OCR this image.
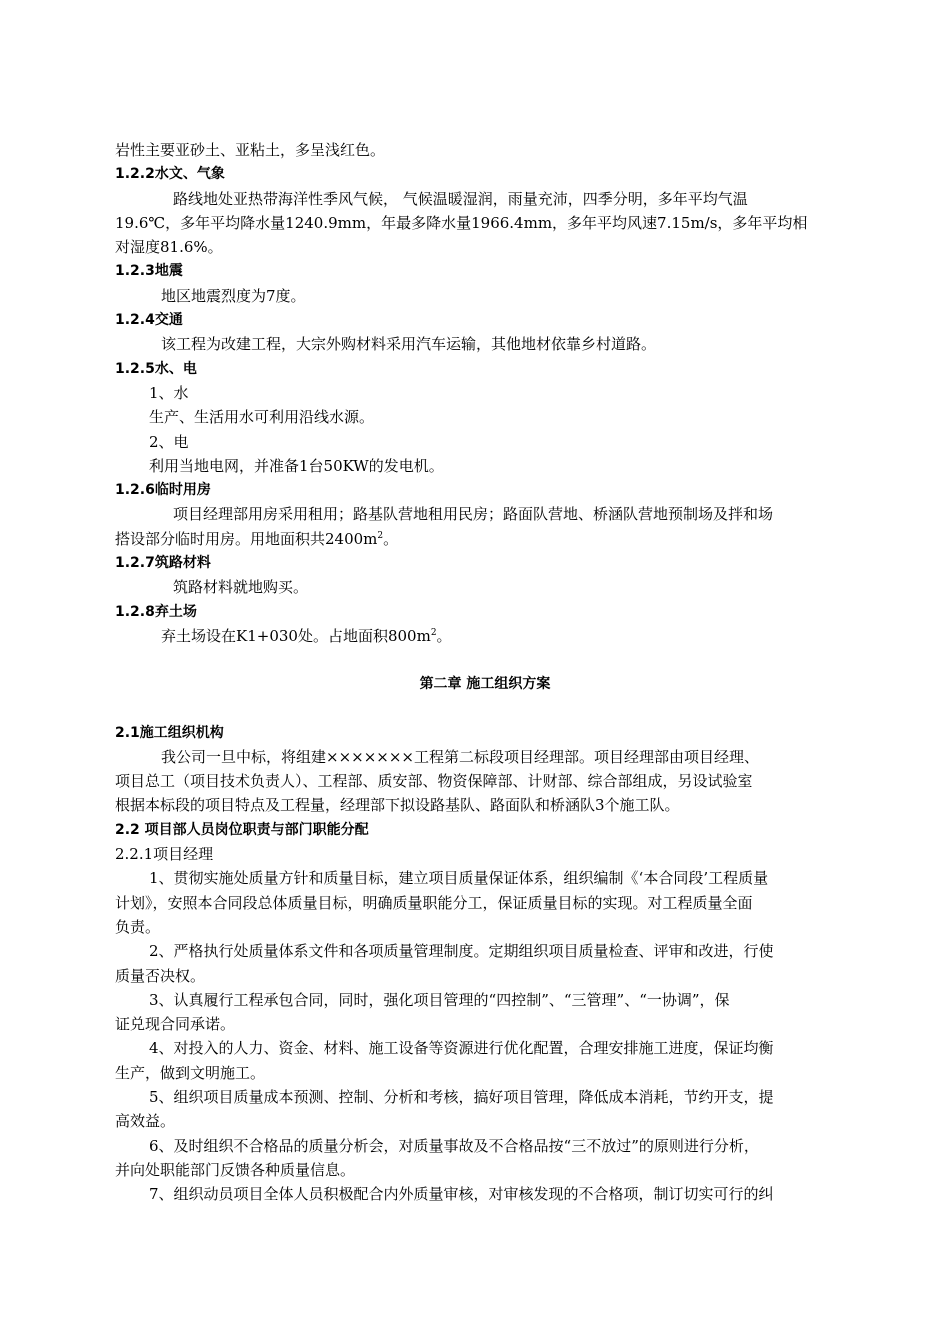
岩性主要亚砂土、亚粘土，多呈浅红色。
1.2.2水文、气象
路线地处亚热带海洋性季风气候， 气候温暖湿润，雨量充沛，四季分明，多年平均气温
19.6℃，多年平均降水量1240.9mm，年最多降水量1966.4mm，多年平均风速7.15m/s，多年平均相
对湿度81.6%。
1.2.3地震
地区地震烈度为7度。
1.2.4交通
该工程为改建工程，大宗外购材料采用汽车运输，其他地材依靠乡村道路。
1.2.5水、电
1、水
生产、生活用水可利用沿线水源。
2、电
利用当地电网，并准备1台50KW的发电机。
1.2.6临时用房
项目经理部用房采用租用；路基队营地租用民房；路面队营地、桥涵队营地预制场及拌和场
搭设部分临时用房。用地面积共$2400m^2$。
1.2.7筑路材料
筑路材料就地购买。
1.2.8弃土场
弃土场设在K1+030处。占地面积$800m^2$。
第二章 施工组织方案
2.1施工组织机构
我公司一旦中标，将组建×××××××工程第二标段项目经理部。项目经理部由项目经理、
项目总工（项目技术负责人）、工程部、质安部、物资保障部、计财部、综合部组成，另设试验室
根据本标段的项目特点及工程量，经理部下拟设路基队、路面队和桥涵队3个施工队。
2.2 项目部人员岗位职责与部门职能分配
2.2.1项目经理
1、贯彻实施处质量方针和质量目标，建立项目质量保证体系，组织编制《‘本合同段’工程质量
计划》，安照本合同段总体质量目标，明确质量职能分工，保证质量目标的实现。对工程质量全面
负责。
2、严格执行处质量体系文件和各项质量管理制度。定期组织项目质量检查、评审和改进，行使
质量否决权。
3、认真履行工程承包合同，同时，强化项目管理的“四控制”、“三管理”、“一协调”，保
证兑现合同承诺。
4、对投入的人力、资金、材料、施工设备等资源进行优化配置，合理安排施工进度，保证均衡
生产，做到文明施工。
5、组织项目质量成本预测、控制、分析和考核，搞好项目管理，降低成本消耗，节约开支，提
高效益。
6、及时组织不合格品的质量分析会，对质量事故及不合格品按“三不放过”的原则进行分析，
并向处职能部门反馈各种质量信息。
7、组织动员项目全体人员积极配合内外质量审核，对审核发现的不合格项，制订切实可行的纠
